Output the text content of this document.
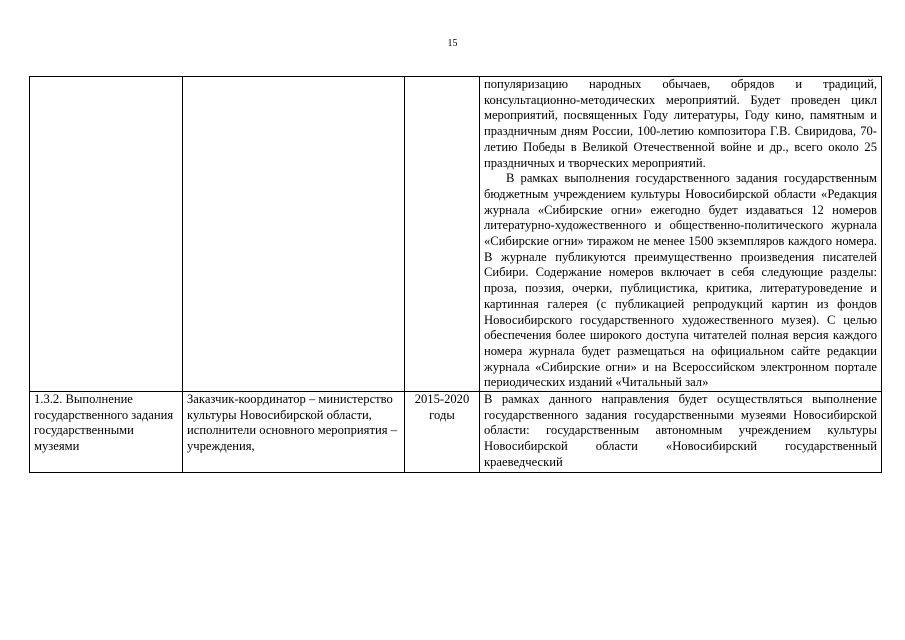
15

			популяризацию народных обычаев, обрядов и традиций, консультационно-методических мероприятий. Будет проведен цикл мероприятий, посвященных Году литературы, Году кино, памятным и праздничным дням России, 100-летию композитора Г.В. Свиридова, 70-летию Победы в Великой Отечественной войне и др., всего около 25 праздничных и творческих мероприятий.
В рамках выполнения государственного задания государственным бюджетным учреждением культуры Новосибирской области «Редакция журнала «Сибирские огни» ежегодно будет издаваться 12 номеров литературно-художественного и общественно-политического журнала «Сибирские огни» тиражом не менее 1500 экземпляров каждого номера. В журнале публикуются преимущественно произведения писателей Сибири. Содержание номеров включает в себя следующие разделы: проза, поэзия, очерки, публицистика, критика, литературоведение и картинная галерея (с публикацией репродукций картин из фондов Новосибирского государственного художественного музея). С целью обеспечения более широкого доступа читателей полная версия каждого номера журнала будет размещаться на официальном сайте редакции журнала «Сибирские огни» и на Всероссийском электронном портале периодических изданий «Читальный зал»

1.3.2. Выполнение государственного задания государственными музеями	Заказчик-координатор – министерство культуры Новосибирской области, исполнители основного мероприятия – учреждения,	2015-2020 годы	В рамках данного направления будет осуществляться выполнение государственного задания государственными музеями Новосибирской области: государственным автономным учреждением культуры Новосибирской области «Новосибирский государственный краеведческий
